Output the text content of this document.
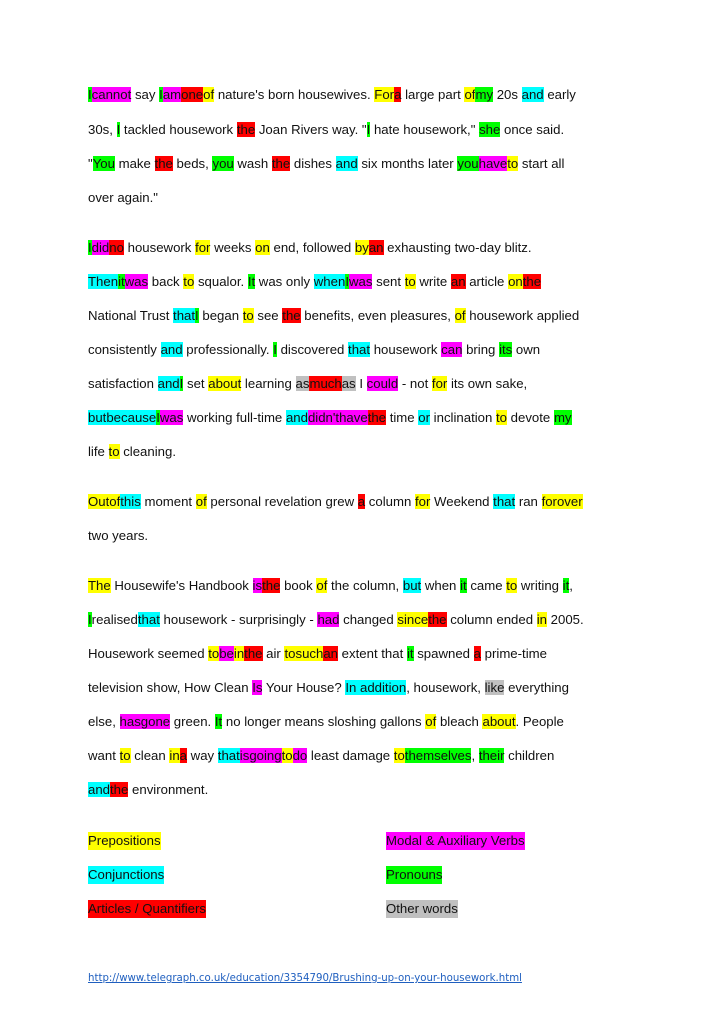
Icannot say Iamoneof nature's born housewives. Fora large part ofmy 20s and early
30s, I tackled housework the Joan Rivers way. "I hate housework," she once said.
"You make the beds, you wash the dishes and six months later youhaveto start all
over again."
Ididno housework for weeks on end, followed byan exhausting two-day blitz.
Thenitwas back to squalor. It was only whenIwas sent to write an article onthe
National Trust thatI began to see the benefits, even pleasures, of housework applied
consistently and professionally. I discovered that housework can bring its own
satisfaction andI set about learning asmuchas I could - not for its own sake,
butbecauseIwas working full-time anddidn'thavethe time or inclination to devote my
life to cleaning.
Outofthis moment of personal revelation grew a column for Weekend that ran forover
two years.
The Housewife's Handbook isthe book of the column, but when it came to writing it,
Irealisedthat housework - surprisingly - had changed sincethe column ended in 2005.
Housework seemed tobeinthe air tosuchan extent that it spawned a prime-time
television show, How Clean Is Your House? In addition, housework, like everything
else, hasgone green. It no longer means sloshing gallons of bleach about. People
want to clean ina way thatisgoingtodo least damage tothemselves, their children
andthe environment.
Prepositions	Modal & Auxiliary Verbs
Conjunctions	Pronouns
Articles / Quantifiers	Other words
http://www.telegraph.co.uk/education/3354790/Brushing-up-on-your-housework.html
